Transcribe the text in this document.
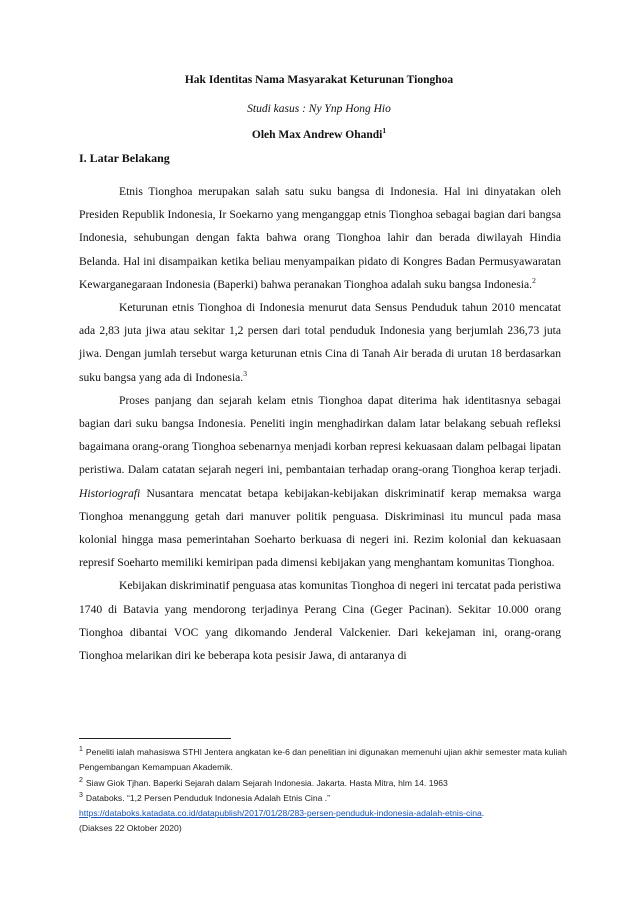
Hak Identitas Nama Masyarakat Keturunan Tionghoa
Studi kasus : Ny Ynp Hong Hio
Oleh Max Andrew Ohandi$^1$
I. Latar Belakang

Etnis Tionghoa merupakan salah satu suku bangsa di Indonesia. Hal ini dinyatakan oleh Presiden Republik Indonesia, Ir Soekarno yang menganggap etnis Tionghoa sebagai bagian dari bangsa Indonesia, sehubungan dengan fakta bahwa orang Tionghoa lahir dan berada diwilayah Hindia Belanda. Hal ini disampaikan ketika beliau menyampaikan pidato di Kongres Badan Permusyawaratan Kewarganegaraan Indonesia (Baperki) bahwa peranakan Tionghoa adalah suku bangsa Indonesia.$^2$

Keturunan etnis Tionghoa di Indonesia menurut data Sensus Penduduk tahun 2010 mencatat ada 2,83 juta jiwa atau sekitar 1,2 persen dari total penduduk Indonesia yang berjumlah 236,73 juta jiwa. Dengan jumlah tersebut warga keturunan etnis Cina di Tanah Air berada di urutan 18 berdasarkan suku bangsa yang ada di Indonesia.$^3$

Proses panjang dan sejarah kelam etnis Tionghoa dapat diterima hak identitasnya sebagai bagian dari suku bangsa Indonesia. Peneliti ingin menghadirkan dalam latar belakang sebuah refleksi bagaimana orang-orang Tionghoa sebenarnya menjadi korban represi kekuasaan dalam pelbagai lipatan peristiwa. Dalam catatan sejarah negeri ini, pembantaian terhadap orang-orang Tionghoa kerap terjadi. Historiografi Nusantara mencatat betapa kebijakan-kebijakan diskriminatif kerap memaksa warga Tionghoa menanggung getah dari manuver politik penguasa. Diskriminasi itu muncul pada masa kolonial hingga masa pemerintahan Soeharto berkuasa di negeri ini. Rezim kolonial dan kekuasaan represif Soeharto memiliki kemiripan pada dimensi kebijakan yang menghantam komunitas Tionghoa.

Kebijakan diskriminatif penguasa atas komunitas Tionghoa di negeri ini tercatat pada peristiwa 1740 di Batavia yang mendorong terjadinya Perang Cina (Geger Pacinan). Sekitar 10.000 orang Tionghoa dibantai VOC yang dikomando Jenderal Valckenier. Dari kekejaman ini, orang-orang Tionghoa melarikan diri ke beberapa kota pesisir Jawa, di antaranya di

$^1$ Peneliti ialah mahasiswa STHI Jentera angkatan ke-6 dan penelitian ini digunakan memenuhi ujian akhir semester mata kuliah Pengembangan Kemampuan Akademik.

$^2$ Siaw Giok Tjhan. Baperki Sejarah dalam Sejarah Indonesia. Jakarta. Hasta Mitra, hlm 14. 1963

$^3$ Databoks. “1,2 Persen Penduduk Indonesia Adalah Etnis Cina .”
https://databoks.katadata.co.id/datapublish/2017/01/28/283-persen-penduduk-indonesia-adalah-etnis-cina.
(Diakses 22 Oktober 2020)
